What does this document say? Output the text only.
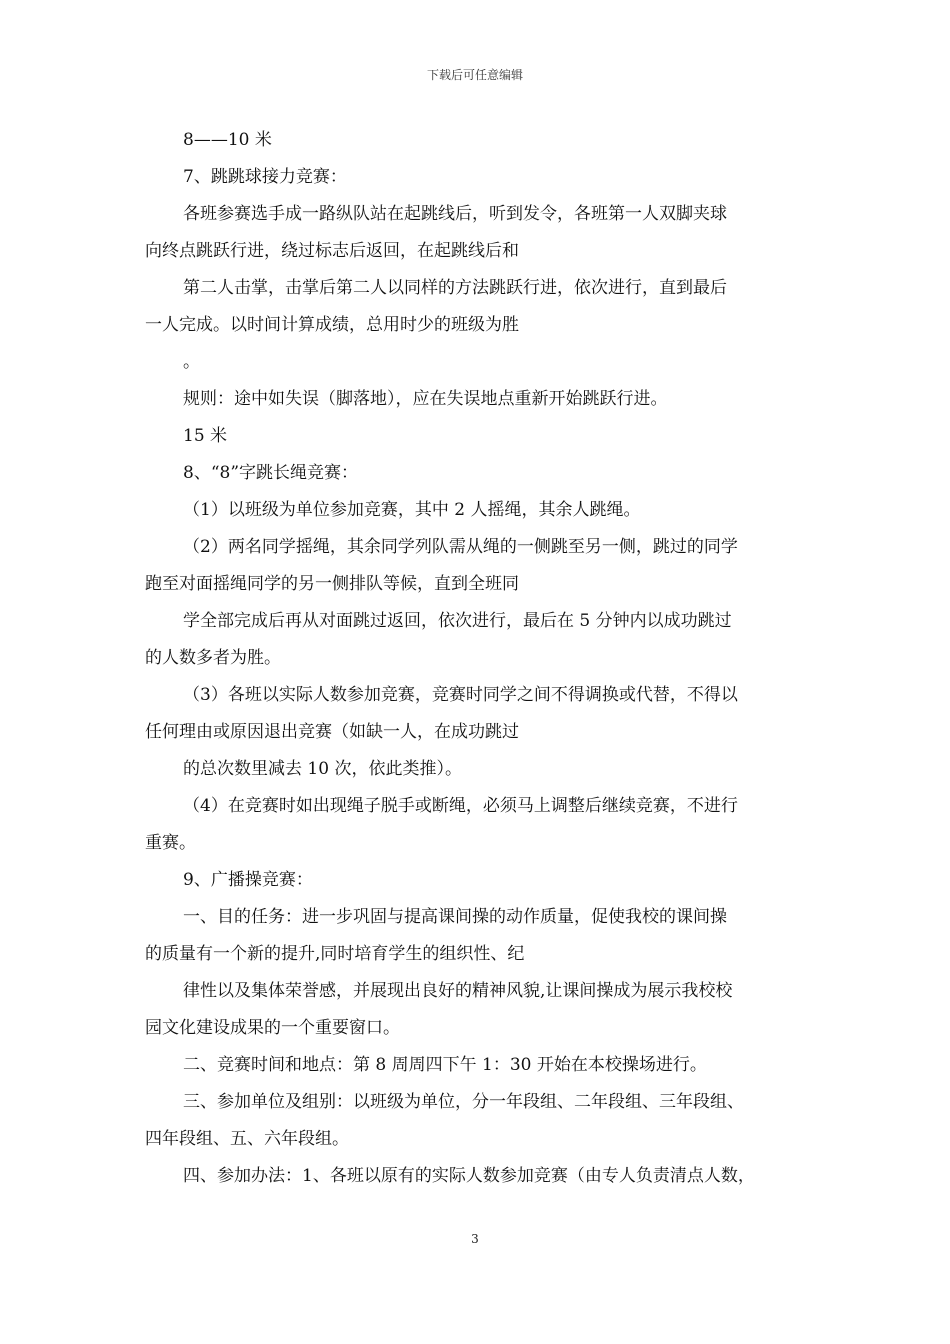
下载后可任意编辑
8——10 米
7、跳跳球接力竞赛：
各班参赛选手成一路纵队站在起跳线后，听到发令，各班第一人双脚夹球
向终点跳跃行进，绕过标志后返回，在起跳线后和
第二人击掌，击掌后第二人以同样的方法跳跃行进，依次进行，直到最后
一人完成。以时间计算成绩，总用时少的班级为胜
。
规则：途中如失误（脚落地），应在失误地点重新开始跳跃行进。
15 米
8、“8”字跳长绳竞赛：
（1）以班级为单位参加竞赛，其中 2 人摇绳，其余人跳绳。
（2）两名同学摇绳，其余同学列队需从绳的一侧跳至另一侧，跳过的同学
跑至对面摇绳同学的另一侧排队等候，直到全班同
学全部完成后再从对面跳过返回，依次进行，最后在 5 分钟内以成功跳过
的人数多者为胜。
（3）各班以实际人数参加竞赛，竞赛时同学之间不得调换或代替，不得以
任何理由或原因退出竞赛（如缺一人，在成功跳过
的总次数里减去 10 次，依此类推）。
（4）在竞赛时如出现绳子脱手或断绳，必须马上调整后继续竞赛，不进行
重赛。
9、广播操竞赛：
一、目的任务：进一步巩固与提高课间操的动作质量，促使我校的课间操
的质量有一个新的提升,同时培育学生的组织性、纪
律性以及集体荣誉感，并展现出良好的精神风貌,让课间操成为展示我校校
园文化建设成果的一个重要窗口。
二、竞赛时间和地点：第 8 周周四下午 1：30 开始在本校操场进行。
三、参加单位及组别：以班级为单位，分一年段组、二年段组、三年段组、
四年段组、五、六年段组。
四、参加办法：1、各班以原有的实际人数参加竞赛（由专人负责清点人数，
3
